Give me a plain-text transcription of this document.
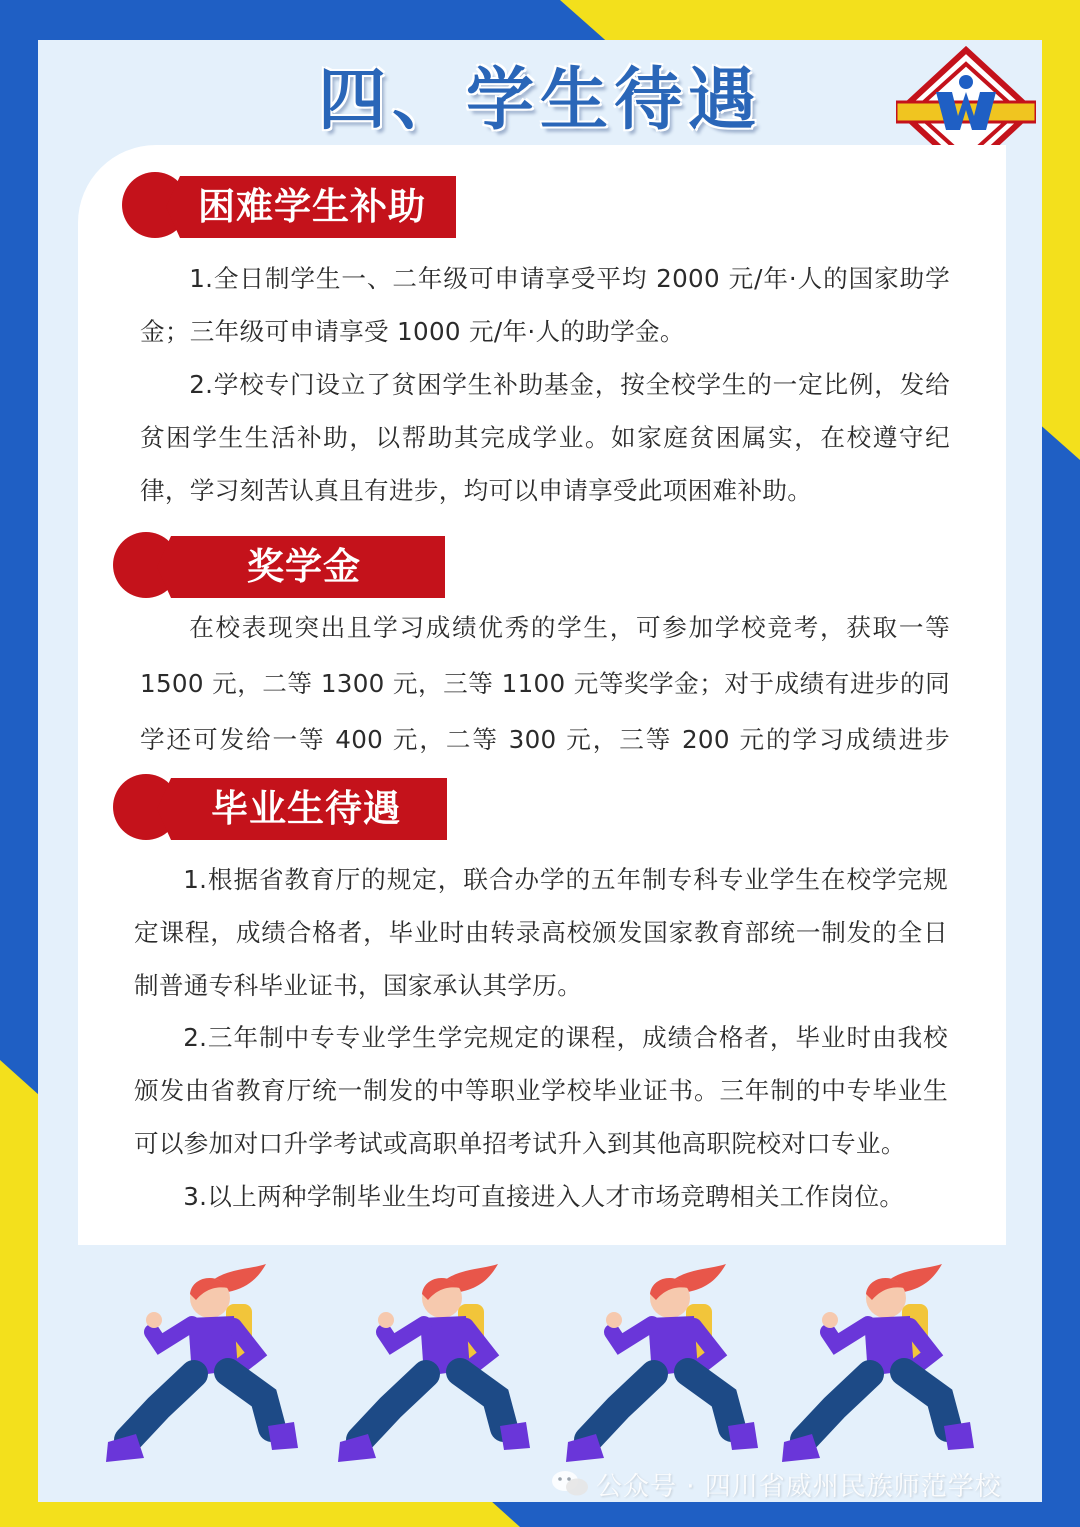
四、学生待遇
困难学生补助

1.全日制学生一、二年级可申请享受平均 2000 元/年·人的国家助学金；三年级可申请享受 1000 元/年·人的助学金。

2.学校专门设立了贫困学生补助基金，按全校学生的一定比例，发给贫困学生生活补助，以帮助其完成学业。如家庭贫困属实，在校遵守纪律，学习刻苦认真且有进步，均可以申请享受此项困难补助。

奖学金

在校表现突出且学习成绩优秀的学生，可参加学校竞考，获取一等 1500 元，二等 1300 元，三等 1100 元等奖学金；对于成绩有进步的同学还可发给一等 400 元，二等 300 元，三等 200 元的学习成绩进步

毕业生待遇

1.根据省教育厅的规定，联合办学的五年制专科专业学生在校学完规定课程，成绩合格者，毕业时由转录高校颁发国家教育部统一制发的全日制普通专科毕业证书，国家承认其学历。

2.三年制中专专业学生学完规定的课程，成绩合格者，毕业时由我校颁发由省教育厅统一制发的中等职业学校毕业证书。三年制的中专毕业生可以参加对口升学考试或高职单招考试升入到其他高职院校对口专业。

3.以上两种学制毕业生均可直接进入人才市场竞聘相关工作岗位。

公众号 · 四川省威州民族师范学校
